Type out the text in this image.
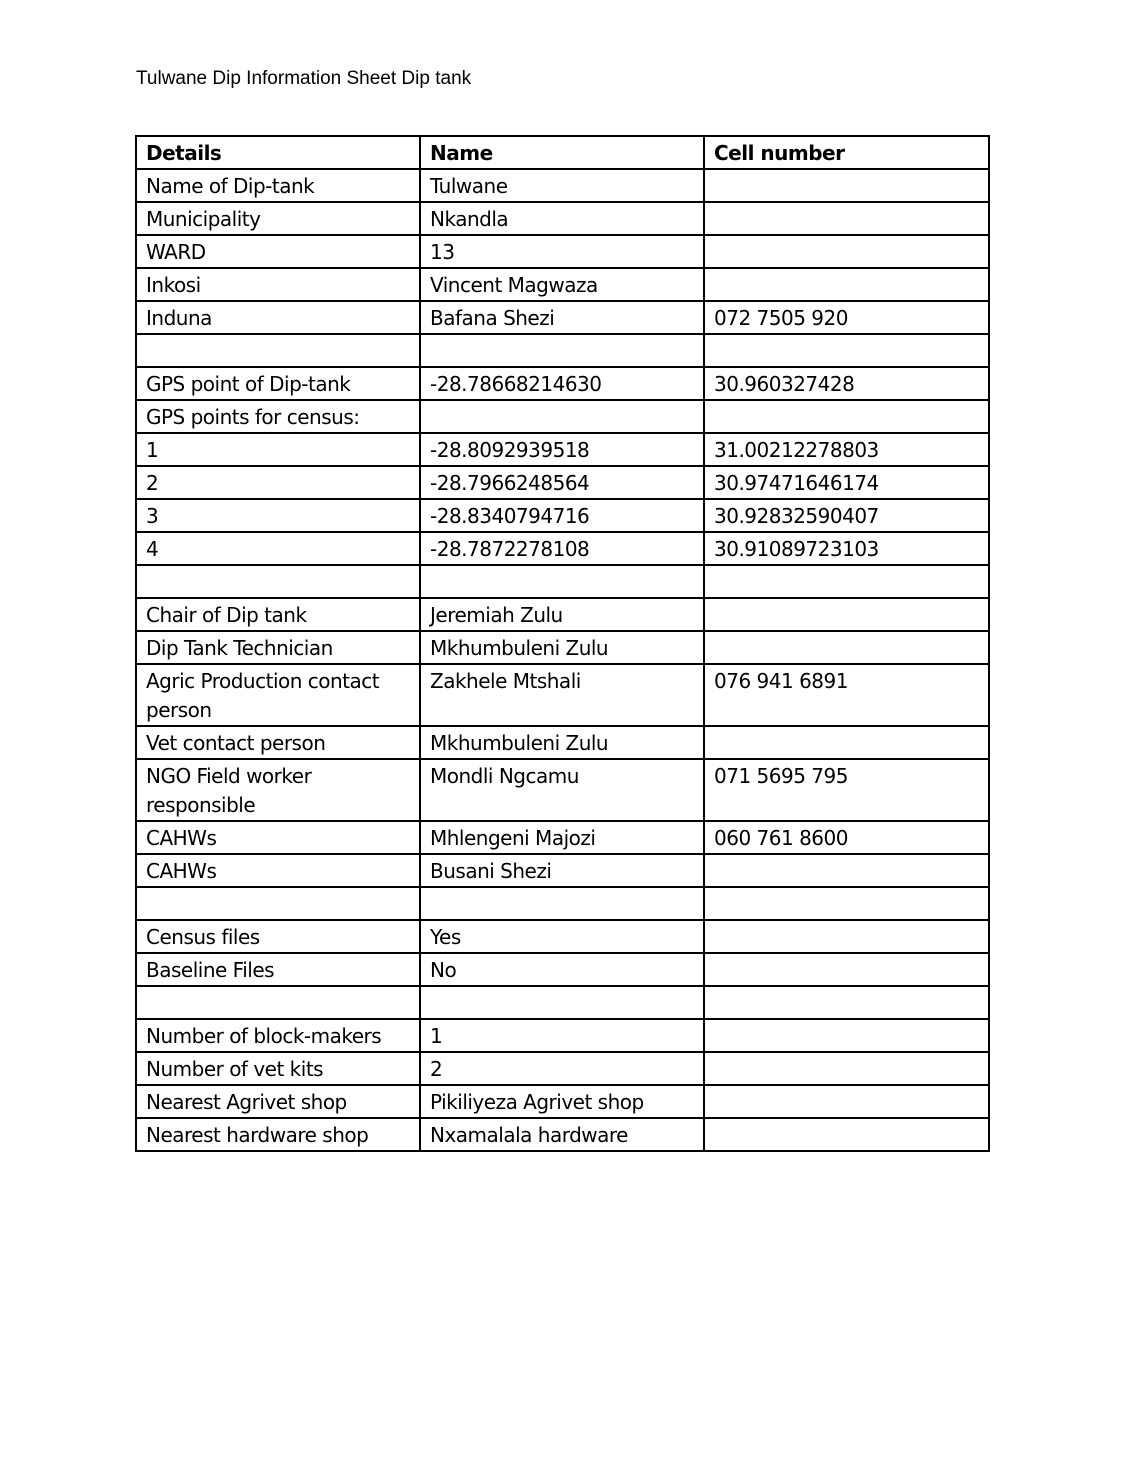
Tulwane Dip Information Sheet Dip tank
Details	Name	Cell number
Name of Dip-tank	Tulwane	
Municipality	Nkandla	
WARD	13	
Inkosi	Vincent Magwaza	
Induna	Bafana Shezi	072 7505 920

GPS point of Dip-tank	-28.78668214630	30.960327428
GPS points for census:		
1	-28.8092939518	31.00212278803
2	-28.7966248564	30.97471646174
3	-28.8340794716	30.92832590407
4	-28.7872278108	30.91089723103

Chair of Dip tank	Jeremiah Zulu	
Dip Tank Technician	Mkhumbuleni Zulu	
Agric Production contact person	Zakhele Mtshali	076 941 6891
Vet contact person	Mkhumbuleni Zulu	
NGO Field worker responsible	Mondli Ngcamu	071 5695 795
CAHWs	Mhlengeni Majozi	060 761 8600
CAHWs	Busani Shezi	

Census files	Yes	
Baseline Files	No	

Number of block-makers	1	
Number of vet kits	2	
Nearest Agrivet shop	Pikiliyeza Agrivet shop	
Nearest hardware shop	Nxamalala hardware	
